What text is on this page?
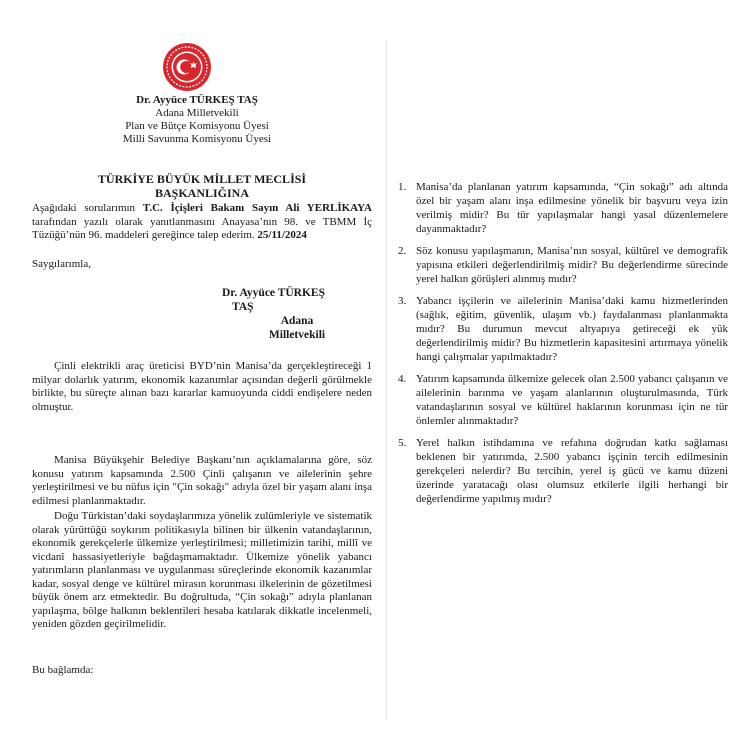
Dr. Ayyüce TÜRKEŞ TAŞ
Adana Milletvekili
Plan ve Bütçe Komisyonu Üyesi
Milli Savunma Komisyonu Üyesi
TÜRKİYE BÜYÜK MİLLET MECLİSİ
BAŞKANLIĞINA
Aşağıdaki sorularımın T.C. İçişleri Bakanı Sayın Ali YERLİKAYA tarafından yazılı olarak yanıtlanmasını Anayasa’nın 98. ve TBMM İç Tüzüğü’nün 96. maddeleri gereğince talep ederim. 25/11/2024
Saygılarımla,
Dr. Ayyüce TÜRKEŞ
TAŞ
Adana
Milletvekili
Çinli elektrikli araç üreticisi BYD’nin Manisa’da gerçekleştireceği 1 milyar dolarlık yatırım, ekonomik kazanımlar açısından değerli görülmekle birlikte, bu süreçte alınan bazı kararlar kamuoyunda ciddi endişelere neden olmuştur.
Manisa Büyükşehir Belediye Başkanı’nın açıklamalarına göre, söz konusu yatırım kapsamında 2.500 Çinli çalışanın ve ailelerinin şehre yerleştirilmesi ve bu nüfus için "Çin sokağı" adıyla özel bir yaşam alanı inşa edilmesi planlanmaktadır.
Doğu Türkistan’daki soydaşlarımıza yönelik zulümleriyle ve sistematik olarak yürüttüğü soykırım politikasıyla bilinen bir ülkenin vatandaşlarının, ekonomik gerekçelerle ülkemize yerleştirilmesi; milletimizin tarihi, millî ve vicdanî hassasiyetleriyle bağdaşmamaktadır. Ülkemize yönelik yabancı yatırımların planlanması ve uygulanması süreçlerinde ekonomik kazanımlar kadar, sosyal denge ve kültürel mirasın korunması ilkelerinin de gözetilmesi büyük önem arz etmektedir. Bu doğrultuda, “Çin sokağı” adıyla planlanan yapılaşma, bölge halkının beklentileri hesaba katılarak dikkatle incelenmeli, yeniden gözden geçirilmelidir.
Bu bağlamda:
1. Manisa’da planlanan yatırım kapsamında, “Çin sokağı” adı altında özel bir yaşam alanı inşa edilmesine yönelik bir başvuru veya izin verilmiş midir? Bu tür yapılaşmalar hangi yasal düzenlemelere dayanmaktadır?
2. Söz konusu yapılaşmanın, Manisa’nın sosyal, kültürel ve demografik yapısına etkileri değerlendirilmiş midir? Bu değerlendirme sürecinde yerel halkın görüşleri alınmış mıdır?
3. Yabancı işçilerin ve ailelerinin Manisa’daki kamu hizmetlerinden (sağlık, eğitim, güvenlik, ulaşım vb.) faydalanması planlanmakta mıdır? Bu durumun mevcut altyapıya getireceği ek yük değerlendirilmiş midir? Bu hizmetlerin kapasitesini artırmaya yönelik hangi çalışmalar yapılmaktadır?
4. Yatırım kapsamında ülkemize gelecek olan 2.500 yabancı çalışanın ve ailelerinin barınma ve yaşam alanlarının oluşturulmasında, Türk vatandaşlarının sosyal ve kültürel haklarının korunması için ne tür önlemler alınmaktadır?
5. Yerel halkın istihdamına ve refahına doğrudan katkı sağlaması beklenen bir yatırımda, 2.500 yabancı işçinin tercih edilmesinin gerekçeleri nelerdir? Bu tercihin, yerel iş gücü ve kamu düzeni üzerinde yaratacağı olası olumsuz etkilerle ilgili herhangi bir değerlendirme yapılmış mıdır?
